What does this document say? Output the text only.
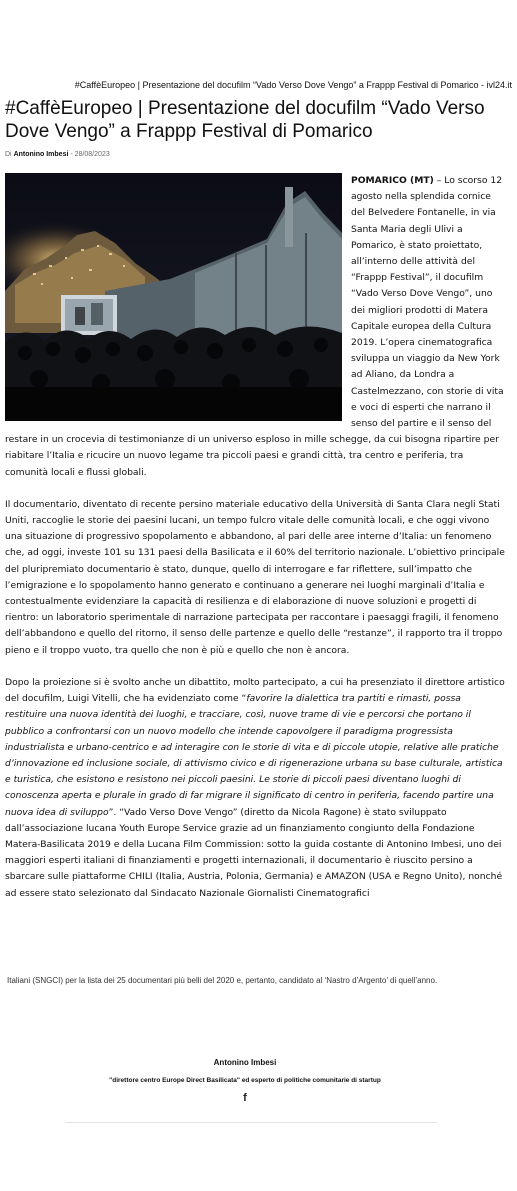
#CaffèEuropeo | Presentazione del docufilm “Vado Verso Dove Vengo” a Frappp Festival di Pomarico - ivl24.it
#CaffèEuropeo | Presentazione del docufilm “Vado Verso Dove Vengo” a Frappp Festival di Pomarico
Di Antonino Imbesi - 28/08/2023

POMARICO (MT) – Lo scorso 12 agosto nella splendida cornice del Belvedere Fontanelle, in via Santa Maria degli Ulivi a Pomarico, è stato proiettato, all’interno delle attività del “Frappp Festival”, il docufilm “Vado Verso Dove Vengo”, uno dei migliori prodotti di Matera Capitale europea della Cultura 2019. L’opera cinematografica sviluppa un viaggio da New York ad Aliano, da Londra a Castelmezzano, con storie di vita e voci di esperti che narrano il senso del partire e il senso del restare in un crocevia di testimonianze di un universo esploso in mille schegge, da cui bisogna ripartire per riabitare l’Italia e ricucire un nuovo legame tra piccoli paesi e grandi città, tra centro e periferia, tra comunità locali e flussi globali.

Il documentario, diventato di recente persino materiale educativo della Università di Santa Clara negli Stati Uniti, raccoglie le storie dei paesini lucani, un tempo fulcro vitale delle comunità locali, e che oggi vivono una situazione di progressivo spopolamento e abbandono, al pari delle aree interne d’Italia: un fenomeno che, ad oggi, investe 101 su 131 paesi della Basilicata e il 60% del territorio nazionale. L’obiettivo principale del pluripremiato documentario è stato, dunque, quello di interrogare e far riflettere, sull’impatto che l’emigrazione e lo spopolamento hanno generato e continuano a generare nei luoghi marginali d’Italia e contestualmente evidenziare la capacità di resilienza e di elaborazione di nuove soluzioni e progetti di rientro: un laboratorio sperimentale di narrazione partecipata per raccontare i paesaggi fragili, il fenomeno dell’abbandono e quello del ritorno, il senso delle partenze e quello delle “restanze”, il rapporto tra il troppo pieno e il troppo vuoto, tra quello che non è più e quello che non è ancora.

Dopo la proiezione si è svolto anche un dibattito, molto partecipato, a cui ha presenziato il direttore artistico del docufilm, Luigi Vitelli, che ha evidenziato come “favorire la dialettica tra partiti e rimasti, possa restituire una nuova identità dei luoghi, e tracciare, così, nuove trame di vie e percorsi che portano il pubblico a confrontarsi con un nuovo modello che intende capovolgere il paradigma progressista industrialista e urbano-centrico e ad interagire con le storie di vita e di piccole utopie, relative alle pratiche d’innovazione ed inclusione sociale, di attivismo civico e di rigenerazione urbana su base culturale, artistica e turistica, che esistono e resistono nei piccoli paesini. Le storie di piccoli paesi diventano luoghi di conoscenza aperta e plurale in grado di far migrare il significato di centro in periferia, facendo partire una nuova idea di sviluppo”. “Vado Verso Dove Vengo” (diretto da Nicola Ragone) è stato sviluppato dall’associazione lucana Youth Europe Service grazie ad un finanziamento congiunto della Fondazione Matera-Basilicata 2019 e della Lucana Film Commission: sotto la guida costante di Antonino Imbesi, uno dei maggiori esperti italiani di finanziamenti e progetti internazionali, il documentario è riuscito persino a sbarcare sulle piattaforme CHILI (Italia, Austria, Polonia, Germania) e AMAZON (USA e Regno Unito), nonché ad essere stato selezionato dal Sindacato Nazionale Giornalisti Cinematografici

Italiani (SNGCI) per la lista dei 25 documentari più belli del 2020 e, pertanto, candidato al ‘Nastro d’Argento’ di quell’anno.
Antonino Imbesi
"direttore centro Europe Direct Basilicata" ed esperto di politiche comunitarie di startup
f
